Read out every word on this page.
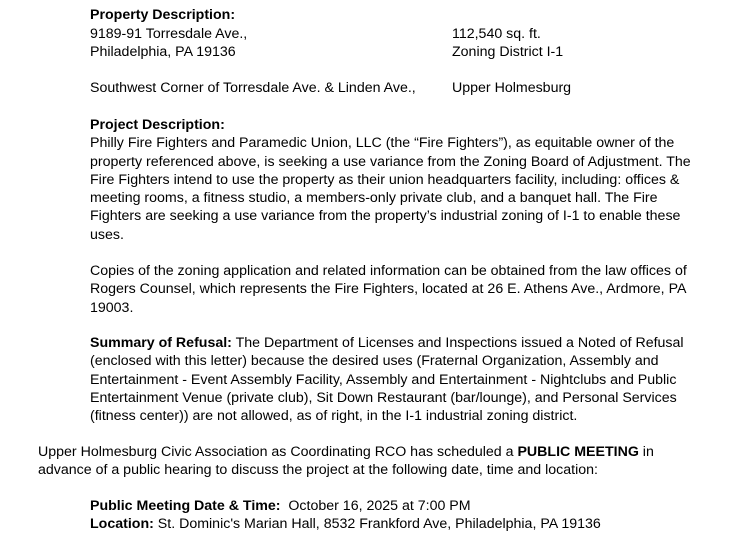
Property Description:
9189-91 Torresdale Ave.,	112,540 sq. ft.
Philadelphia, PA 19136	Zoning District I-1
Southwest Corner of Torresdale Ave. & Linden Ave.,	Upper Holmesburg
Project Description:
Philly Fire Fighters and Paramedic Union, LLC (the “Fire Fighters”), as equitable owner of the
property referenced above, is seeking a use variance from the Zoning Board of Adjustment. The
Fire Fighters intend to use the property as their union headquarters facility, including: offices &
meeting rooms, a fitness studio, a members-only private club, and a banquet hall. The Fire
Fighters are seeking a use variance from the property’s industrial zoning of I-1 to enable these
uses.
Copies of the zoning application and related information can be obtained from the law offices of
Rogers Counsel, which represents the Fire Fighters, located at 26 E. Athens Ave., Ardmore, PA
19003.
Summary of Refusal: The Department of Licenses and Inspections issued a Noted of Refusal
(enclosed with this letter) because the desired uses (Fraternal Organization, Assembly and
Entertainment - Event Assembly Facility, Assembly and Entertainment - Nightclubs and Public
Entertainment Venue (private club), Sit Down Restaurant (bar/lounge), and Personal Services
(fitness center)) are not allowed, as of right, in the I-1 industrial zoning district.
Upper Holmesburg Civic Association as Coordinating RCO has scheduled a PUBLIC MEETING in
advance of a public hearing to discuss the project at the following date, time and location:
Public Meeting Date & Time:  October 16, 2025 at 7:00 PM
Location: St. Dominic's Marian Hall, 8532 Frankford Ave, Philadelphia, PA 19136
